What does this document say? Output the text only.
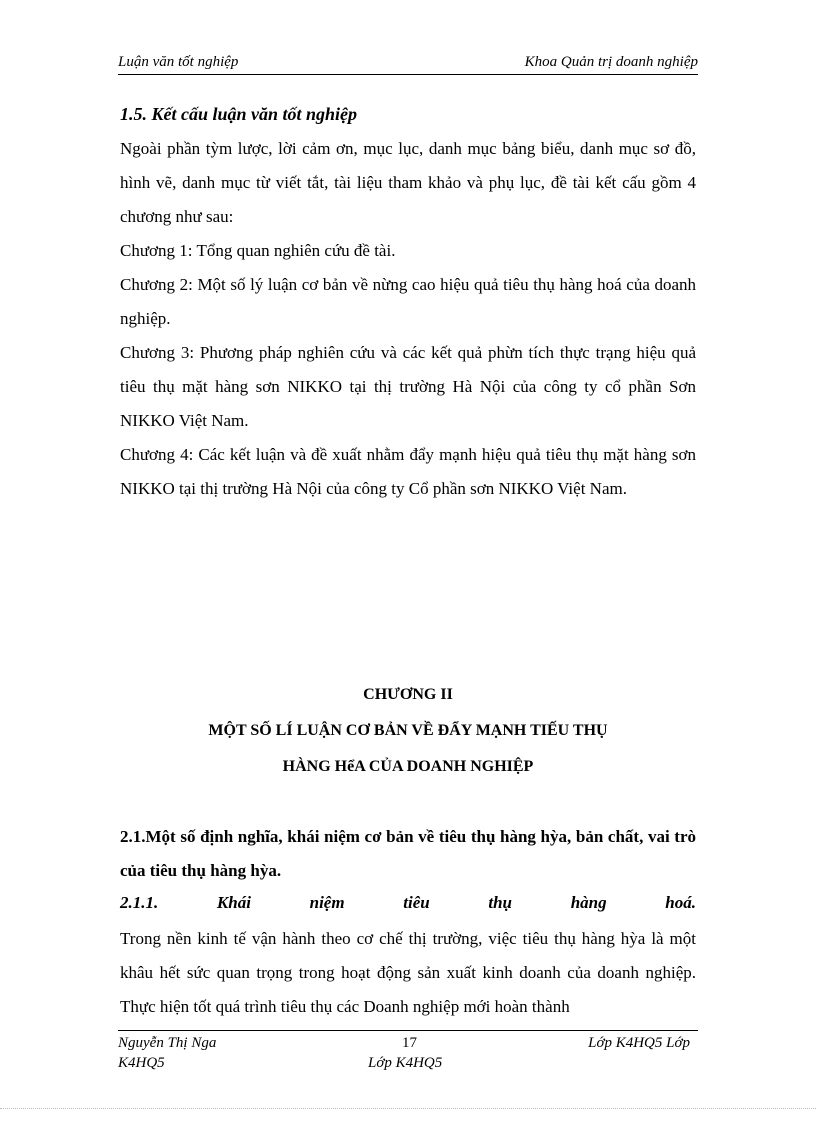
Luận văn tốt nghiệp	Khoa Quản trị doanh nghiệp

1.5. Kết cấu luận văn tốt nghiệp

Ngoài phần tỳm lược, lời cảm ơn, mục lục, danh mục bảng biểu, danh mục sơ đồ, hình vẽ, danh mục từ viết tắt, tài liệu tham khảo và phụ lục, đề tài kết cấu gồm 4 chương như sau:

Chương 1: Tổng quan nghiên cứu đề tài.

Chương 2: Một số lý luận cơ bản về nừng cao hiệu quả tiêu thụ hàng hoá của doanh nghiệp.

Chương 3: Phương pháp nghiên cứu và các kết quả phừn tích thực trạng hiệu quả tiêu thụ mặt hàng sơn NIKKO tại thị trường Hà Nội của công ty cổ phần Sơn NIKKO Việt Nam.

Chương 4: Các kết luận và đề xuất nhằm đẩy mạnh hiệu quả tiêu thụ mặt hàng sơn NIKKO tại thị trường Hà Nội của công ty Cổ phần sơn NIKKO Việt Nam.

CHƯƠNG II
MỘT SỐ LÍ LUẬN CƠ BẢN VỀ ĐẨY MẠNH TIẾU THỤ
HÀNG HểA CỦA DOANH NGHIỆP

2.1.Một số định nghĩa, khái niệm cơ bản về tiêu thụ hàng hỳa, bản chất, vai trò của tiêu thụ hàng hỳa.

2.1.1.	Khái	niệm	tiêu	thụ	hàng	hoá.

Trong nền kinh tế vận hành theo cơ chế thị trường, việc tiêu thụ hàng hỳa là một khâu hết sức quan trọng trong hoạt động sản xuất kinh doanh của doanh nghiệp. Thực hiện tốt quá trình tiêu thụ các Doanh nghiệp mới hoàn thành

Nguyễn Thị Nga	17	Lớp K4HQ5 Lớp
K4HQ5	Lớp K4HQ5
